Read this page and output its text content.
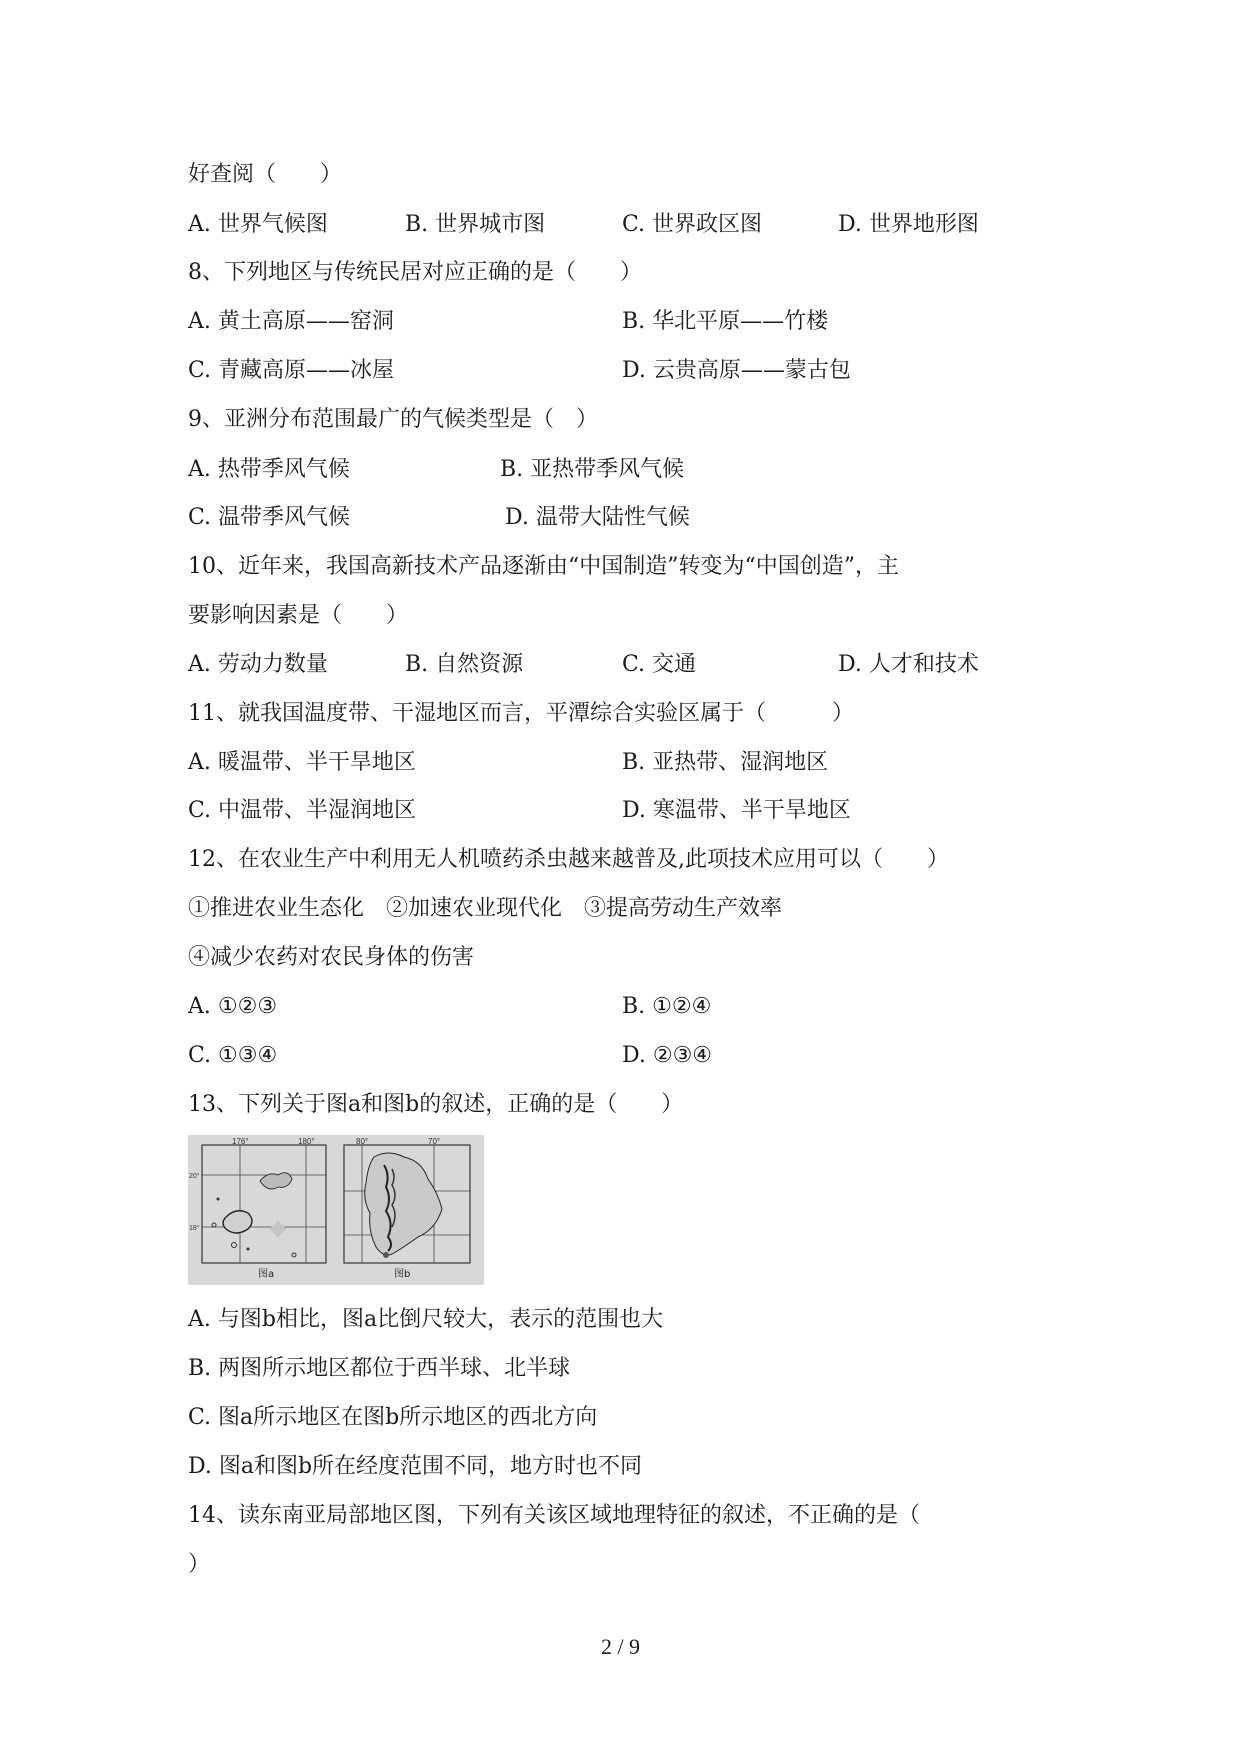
好查阅（　　）
A. 世界气候图	B. 世界城市图	C. 世界政区图	D. 世界地形图
8、下列地区与传统民居对应正确的是（　　）
A. 黄土高原——窑洞	B. 华北平原——竹楼
C. 青藏高原——冰屋	D. 云贵高原——蒙古包
9、亚洲分布范围最广的气候类型是（　）
A. 热带季风气候	B. 亚热带季风气候
C. 温带季风气候	D. 温带大陆性气候
10、近年来，我国高新技术产品逐渐由“中国制造”转变为“中国创造”，主
要影响因素是（　　）
A. 劳动力数量	B. 自然资源	C. 交通	D. 人才和技术
11、就我国温度带、干湿地区而言，平潭综合实验区属于（　　　）
A. 暖温带、半干旱地区	B. 亚热带、湿润地区
C. 中温带、半湿润地区	D. 寒温带、半干旱地区
12、在农业生产中利用无人机喷药杀虫越来越普及,此项技术应用可以（　　）
①推进农业生态化　②加速农业现代化　③提高劳动生产效率
④减少农药对农民身体的伤害
A. ①②③	B. ①②④
C. ①③④	D. ②③④
13、下列关于图a和图b的叙述，正确的是（　　）
176°	180°
20°
18°
图a
80°	70°
图b
A. 与图b相比，图a比倒尺较大，表示的范围也大
B. 两图所示地区都位于西半球、北半球
C. 图a所示地区在图b所示地区的西北方向
D. 图a和图b所在经度范围不同，地方时也不同
14、读东南亚局部地区图，下列有关该区域地理特征的叙述，不正确的是（
）
2 / 9
